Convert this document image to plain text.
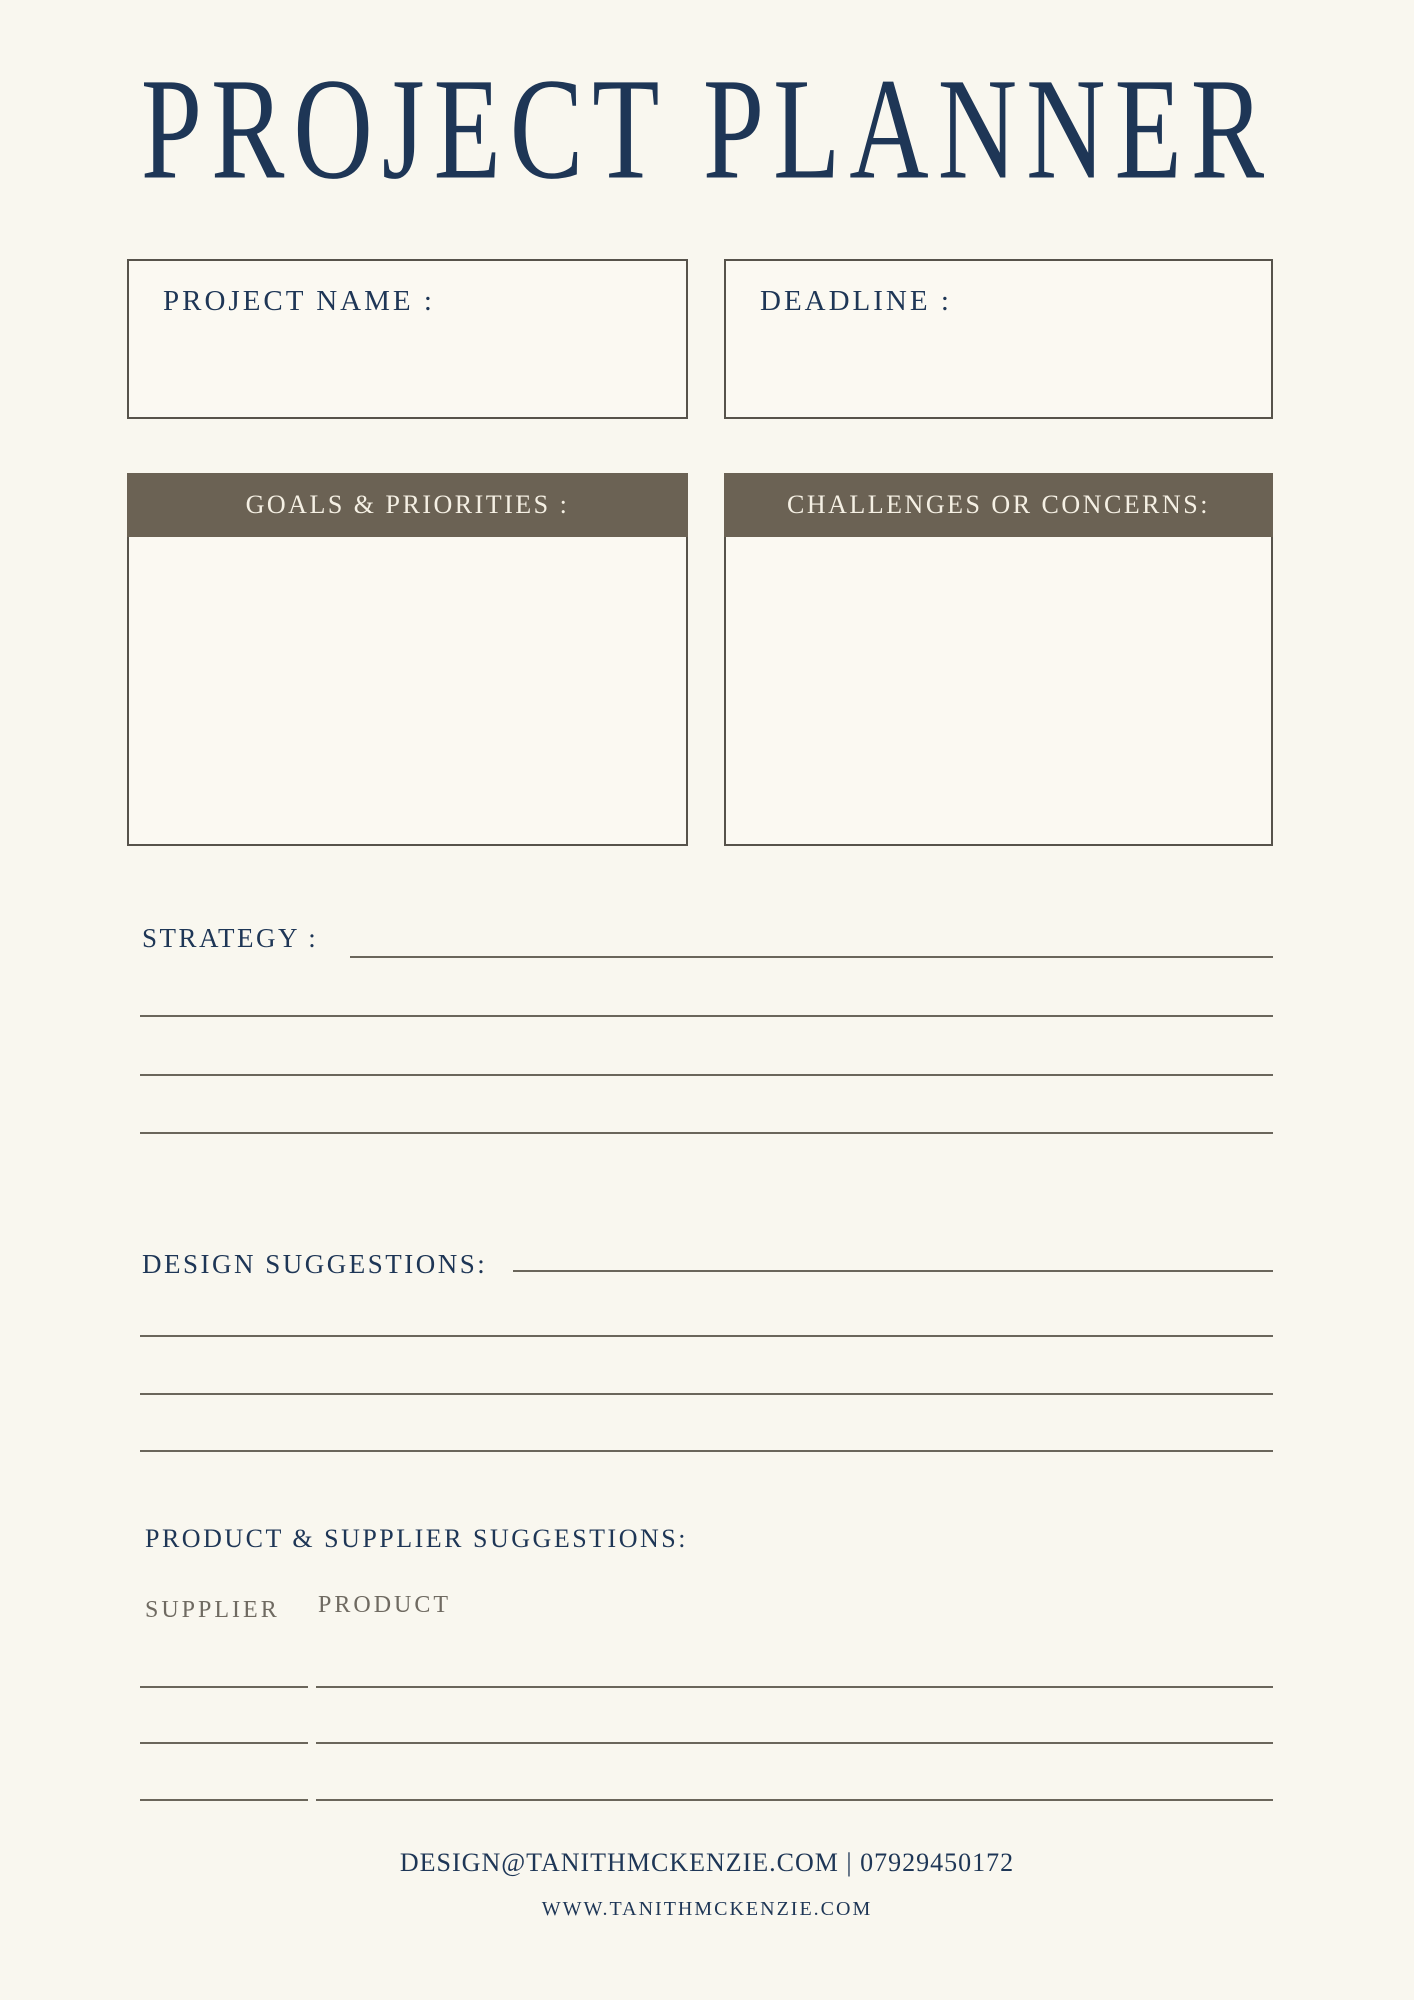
PROJECT PLANNER
PROJECT NAME :	DEADLINE :
GOALS & PRIORITIES :	CHALLENGES OR CONCERNS:
STRATEGY :
DESIGN SUGGESTIONS:
PRODUCT & SUPPLIER SUGGESTIONS:
SUPPLIER PRODUCT
DESIGN@TANITHMCKENZIE.COM | 07929450172
WWW.TANITHMCKENZIE.COM
